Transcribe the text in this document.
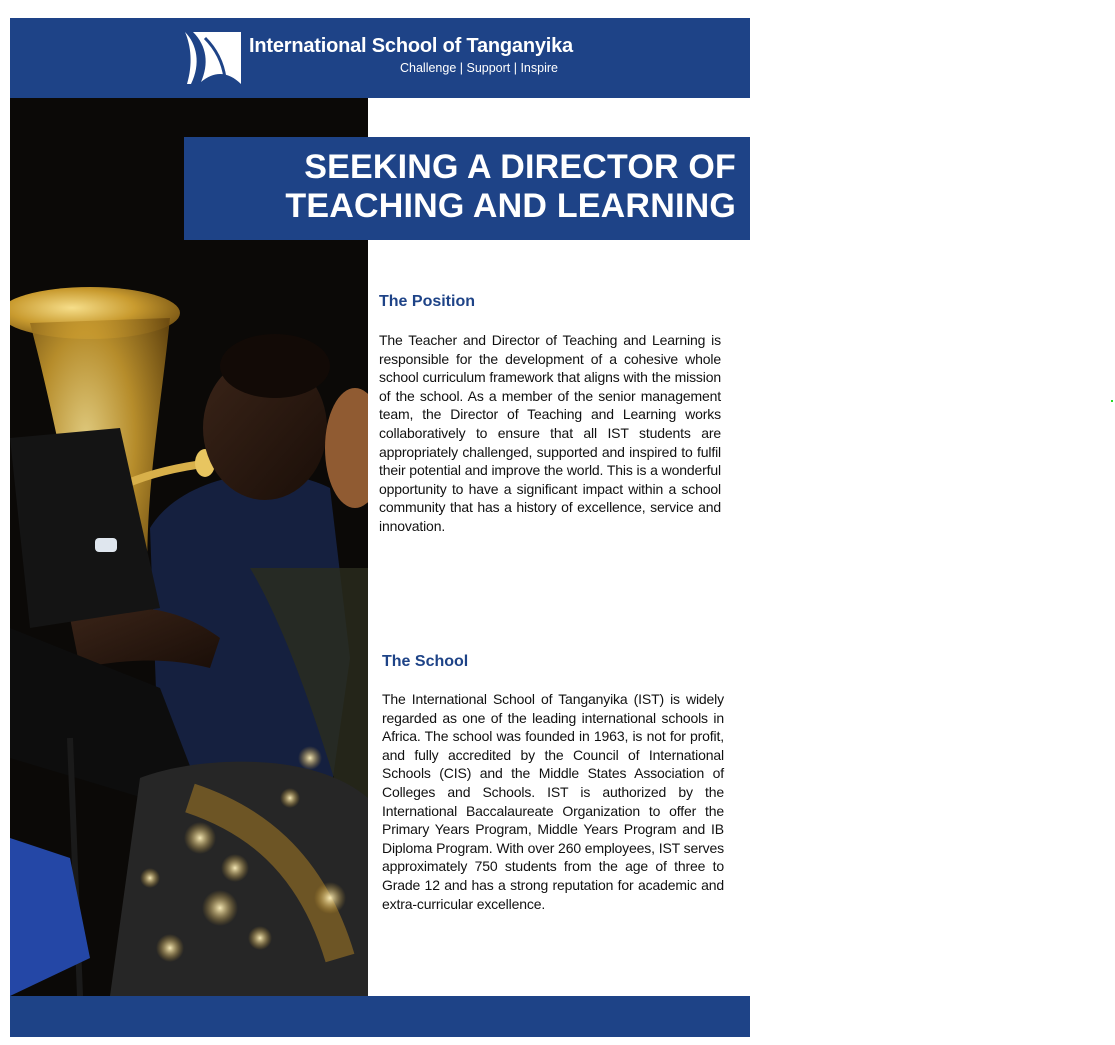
International School of Tanganyika
Challenge | Support | Inspire
SEEKING A DIRECTOR OF
TEACHING AND LEARNING
The Position
The Teacher and Director of Teaching and Learning is responsible for the development of a cohesive whole school curriculum framework that aligns with the mission of the school. As a member of the senior management team, the Director of Teaching and Learning works collaboratively to ensure that all IST students are appropriately challenged, supported and inspired to fulfil their potential and improve the world. This is a wonderful opportunity to have a significant impact within a school community that has a history of excellence, service and innovation.
The School
The International School of Tanganyika (IST) is widely regarded as one of the leading international schools in Africa. The school was founded in 1963, is not for profit, and fully accredited by the Council of International Schools (CIS) and the Middle States Association of Colleges and Schools. IST is authorized by the International Baccalaureate Organization to offer the Primary Years Program, Middle Years Program and IB Diploma Program. With over 260 employees, IST serves approximately 750 students from the age of three to Grade 12 and has a strong reputation for academic and extra-curricular excellence.
